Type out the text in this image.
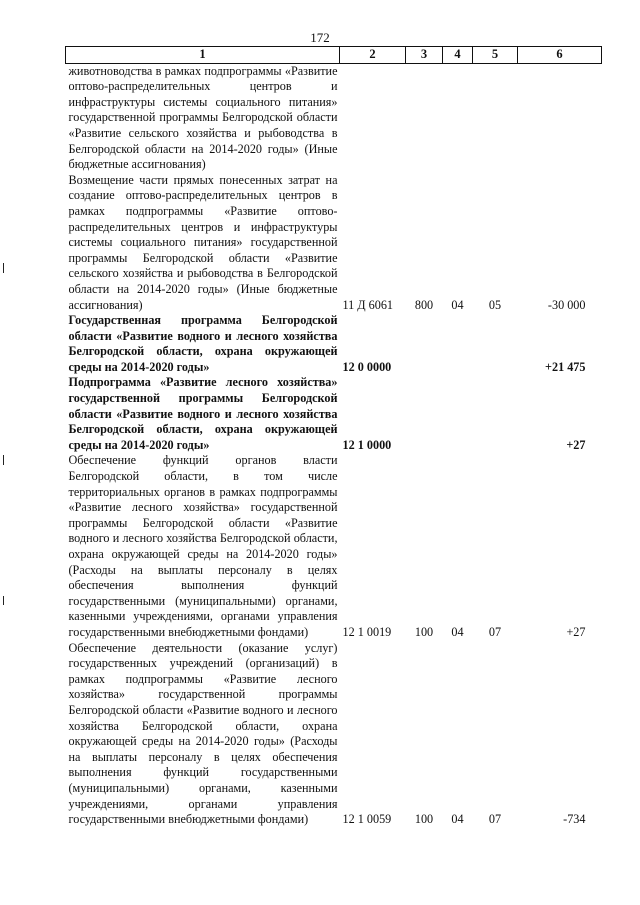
172
1	2	3	4	5	6
животноводства в рамках подпрограммы «Развитие оптово-распределительных центров и инфраструктуры системы социального питания» государственной программы Белгородской области «Развитие сельского хозяйства и рыбоводства в Белгородской области на 2014-2020 годы» (Иные бюджетные ассигнования)					
Возмещение части прямых понесенных затрат на создание оптово-распределительных центров в рамках подпрограммы «Развитие оптово-распределительных центров и инфраструктуры системы социального питания» государственной программы Белгородской области «Развитие сельского хозяйства и рыбоводства в Белгородской области на 2014-2020 годы» (Иные бюджетные ассигнования)	11 Д 6061	800	04	05	-30 000
Государственная программа Белгородской области «Развитие водного и лесного хозяйства Белгородской области, охрана окружающей среды на 2014-2020 годы»	12 0 0000				+21 475
Подпрограмма «Развитие лесного хозяйства» государственной программы Белгородской области «Развитие водного и лесного хозяйства Белгородской области, охрана окружающей среды на 2014-2020 годы»	12 1 0000				+27
Обеспечение функций органов власти Белгородской области, в том числе территориальных органов в рамках подпрограммы «Развитие лесного хозяйства» государственной программы Белгородской области «Развитие водного и лесного хозяйства Белгородской области, охрана окружающей среды на 2014-2020 годы» (Расходы на выплаты персоналу в целях обеспечения выполнения функций государственными (муниципальными) органами, казенными учреждениями, органами управления государственными внебюджетными фондами)	12 1 0019	100	04	07	+27
Обеспечение деятельности (оказание услуг) государственных учреждений (организаций) в рамках подпрограммы «Развитие лесного хозяйства» государственной программы Белгородской области «Развитие водного и лесного хозяйства Белгородской области, охрана окружающей среды на 2014-2020 годы» (Расходы на выплаты персоналу в целях обеспечения выполнения функций государственными (муниципальными) органами, казенными учреждениями, органами управления государственными внебюджетными фондами)	12 1 0059	100	04	07	-734
